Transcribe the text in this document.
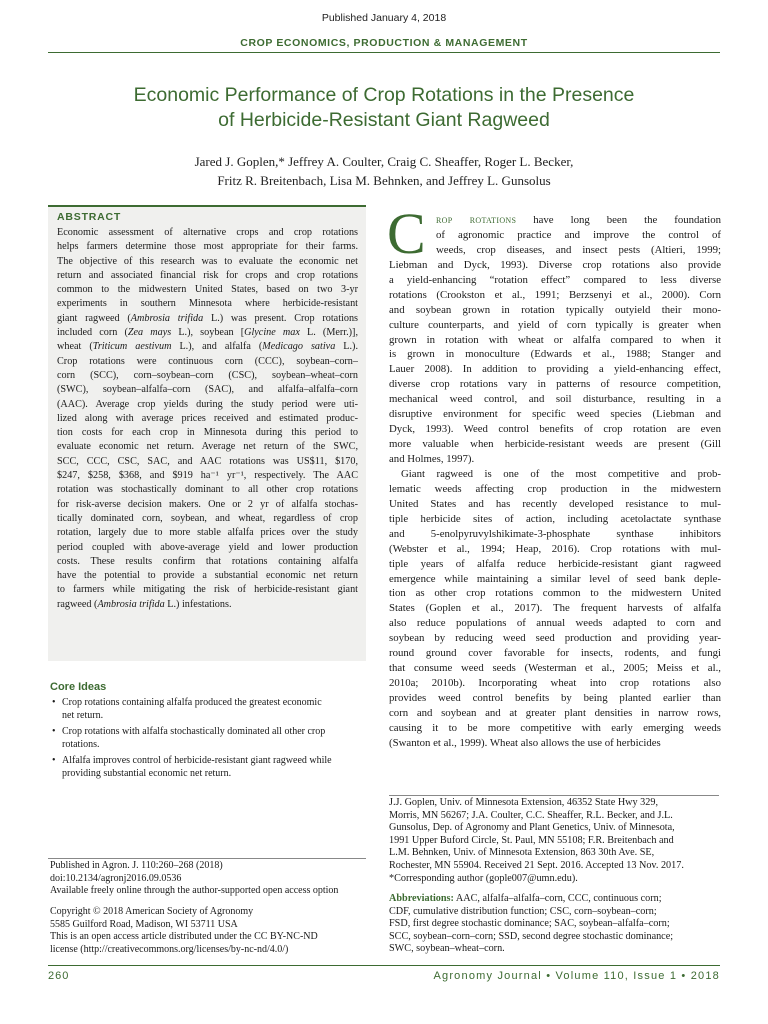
Published January 4, 2018
CROP ECONOMICS, PRODUCTION & MANAGEMENT
Economic Performance of Crop Rotations in the Presence
of Herbicide-Resistant Giant Ragweed
Jared J. Goplen,* Jeffrey A. Coulter, Craig C. Sheaffer, Roger L. Becker,
Fritz R. Breitenbach, Lisa M. Behnken, and Jeffrey L. Gunsolus
ABSTRACT
Economic assessment of alternative crops and crop rotations
helps farmers determine those most appropriate for their farms.
The objective of this research was to evaluate the economic net
return and associated financial risk for crops and crop rotations
common to the midwestern United States, based on two 3-yr
experiments in southern Minnesota where herbicide-resistant
giant ragweed (Ambrosia trifida L.) was present. Crop rotations
included corn (Zea mays L.), soybean [Glycine max L. (Merr.)],
wheat (Triticum aestivum L.), and alfalfa (Medicago sativa L.).
Crop rotations were continuous corn (CCC), soybean–corn–
corn (SCC), corn–soybean–corn (CSC), soybean–wheat–corn
(SWC), soybean–alfalfa–corn (SAC), and alfalfa–alfalfa–corn
(AAC). Average crop yields during the study period were uti-
lized along with average prices received and estimated produc-
tion costs for each crop in Minnesota during this period to
evaluate economic net return. Average net return of the SWC,
SCC, CCC, CSC, SAC, and AAC rotations was US$11, $170,
$247, $258, $368, and $919 ha⁻¹ yr⁻¹, respectively. The AAC
rotation was stochastically dominant to all other crop rotations
for risk-averse decision makers. One or 2 yr of alfalfa stochas-
tically dominated corn, soybean, and wheat, regardless of crop
rotation, largely due to more stable alfalfa prices over the study
period coupled with above-average yield and lower production
costs. These results confirm that rotations containing alfalfa
have the potential to provide a substantial economic net return
to farmers while mitigating the risk of herbicide-resistant giant
ragweed (Ambrosia trifida L.) infestations.
Core Ideas
• Crop rotations containing alfalfa produced the greatest economic
net return.
• Crop rotations with alfalfa stochastically dominated all other crop
rotations.
• Alfalfa improves control of herbicide-resistant giant ragweed while
providing substantial economic net return.
Published in Agron. J. 110:260–268 (2018)
doi:10.2134/agronj2016.09.0536
Available freely online through the author-supported open access option
Copyright © 2018 American Society of Agronomy
5585 Guilford Road, Madison, WI 53711 USA
This is an open access article distributed under the CC BY-NC-ND
license (http://creativecommons.org/licenses/by-nc-nd/4.0/)
C rop rotations have long been the foundation
of agronomic practice and improve the control of
weeds, crop diseases, and insect pests (Altieri, 1999;
Liebman and Dyck, 1993). Diverse crop rotations also provide
a yield-enhancing “rotation effect” compared to less diverse
rotations (Crookston et al., 1991; Berzsenyi et al., 2000). Corn
and soybean grown in rotation typically outyield their mono-
culture counterparts, and yield of corn typically is greater when
grown in rotation with wheat or alfalfa compared to when it
is grown in monoculture (Edwards et al., 1988; Stanger and
Lauer 2008). In addition to providing a yield-enhancing effect,
diverse crop rotations vary in patterns of resource competition,
mechanical weed control, and soil disturbance, resulting in a
disruptive environment for specific weed species (Liebman and
Dyck, 1993). Weed control benefits of crop rotation are even
more valuable when herbicide-resistant weeds are present (Gill
and Holmes, 1997).
Giant ragweed is one of the most competitive and prob-
lematic weeds affecting crop production in the midwestern
United States and has recently developed resistance to mul-
tiple herbicide sites of action, including acetolactate synthase
and 5-enolpyruvylshikimate-3-phosphate synthase inhibitors
(Webster et al., 1994; Heap, 2016). Crop rotations with mul-
tiple years of alfalfa reduce herbicide-resistant giant ragweed
emergence while maintaining a similar level of seed bank deple-
tion as other crop rotations common to the midwestern United
States (Goplen et al., 2017). The frequent harvests of alfalfa
also reduce populations of annual weeds adapted to corn and
soybean by reducing weed seed production and providing year-
round ground cover favorable for insects, rodents, and fungi
that consume weed seeds (Westerman et al., 2005; Meiss et al.,
2010a; 2010b). Incorporating wheat into crop rotations also
provides weed control benefits by being planted earlier than
corn and soybean and at greater plant densities in narrow rows,
causing it to be more competitive with early emerging weeds
(Swanton et al., 1999). Wheat also allows the use of herbicides
J.J. Goplen, Univ. of Minnesota Extension, 46352 State Hwy 329,
Morris, MN 56267; J.A. Coulter, C.C. Sheaffer, R.L. Becker, and J.L.
Gunsolus, Dep. of Agronomy and Plant Genetics, Univ. of Minnesota,
1991 Upper Buford Circle, St. Paul, MN 55108; F.R. Breitenbach and
L.M. Behnken, Univ. of Minnesota Extension, 863 30th Ave. SE,
Rochester, MN 55904. Received 21 Sept. 2016. Accepted 13 Nov. 2017.
*Corresponding author (gople007@umn.edu).
Abbreviations: AAC, alfalfa–alfalfa–corn, CCC, continuous corn;
CDF, cumulative distribution function; CSC, corn–soybean–corn;
FSD, first degree stochastic dominance; SAC, soybean–alfalfa–corn;
SCC, soybean–corn–corn; SSD, second degree stochastic dominance;
SWC, soybean–wheat–corn.
260	Agronomy Journal • Volume 110, Issue 1 • 2018
